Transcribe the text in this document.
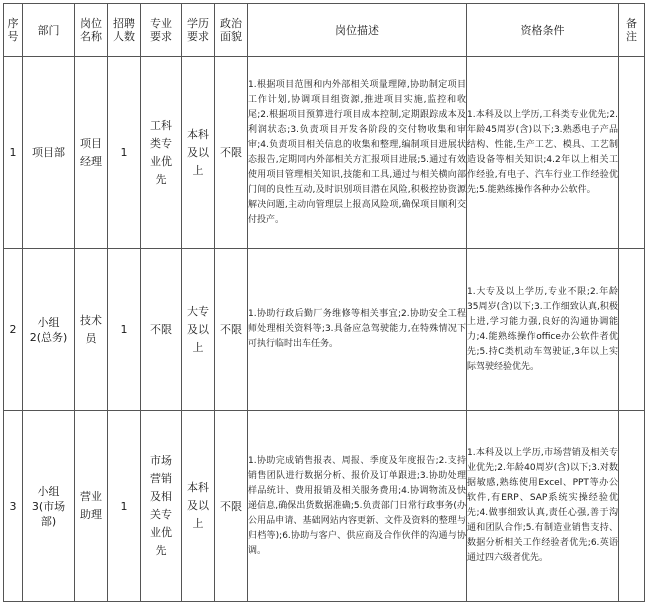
序号	部门	岗位名称	招聘人数	专业要求	学历要求	政治面貌	岗位描述	资格条件	备注

1	项目部	项目经理	1	工科类专业优先	本科及以上	不限	1.根据项目范围和内外部相关项量理障,协助制定项目工作计划,协调项目组资源,推进项目实施,监控和收尾;2.根据项目预算进行项目成本控制,定期跟踪成本及利润状态;3.负责项目开发各阶段的交付物收集和审审;4.负责项目相关信息的收集和整理,编制项目进展状态报告,定期同内外部相关方汇报项目进展;5.通过有效使用项目管理相关知识,技能和工具,通过与相关横向部门间的良性互动,及时识别项目潜在风险,积极控协资源解决问题,主动向管理层上报高风险项,确保项目顺利交付投产。	1.本科及以上学历,工科类专业优先;2.年龄45周岁(含)以下;3.熟悉电子产品结构、性能,生产工艺、模具、工艺制造设备等相关知识;4.2年以上相关工作经验,有电子、汽车行业工作经验优先;5.能熟练操作各种办公软件。	

2	小组2(总务)	技术员	1	不限	大专及以上	不限	1.协助行政后勤厂务维修等相关事宜;2.协助安全工程师处理相关资料等;3.具备应急驾驶能力,在特殊情况下可执行临时出车任务。	1.大专及以上学历,专业不限;2.年龄35周岁(含)以下;3.工作细致认真,积极上进,学习能力强,良好的沟通协调能力;4.能熟练操作office办公软件者优先;5.持C类机动车驾驶证,3年以上实际驾驶经验优先。	

3	小组3(市场部)	营业助理	1	市场营销及相关专业优先	本科及以上	不限	1.协助完成销售报表、周报、季度及年度报告;2.支持销售团队进行数据分析、报价及订单跟进;3.协助处理样品统计、费用报销及相关服务费用;4.协调物流及快递信息,确保出货数据准确;5.负责部门日常行政事务(办公用品申请、基础网站内容更新、文件及资料的整理与归档等);6.协助与客户、供应商及合作伙伴的沟通与协调。	1.本科及以上学历,市场营销及相关专业优先;2.年龄40周岁(含)以下;3.对数据敏感,熟练使用Excel、PPT等办公软件,有ERP、SAP系统实操经验优先;4.做事细致认真,责任心强,善于沟通和团队合作;5.有制造业销售支持、数据分析相关工作经验者优先;6.英语通过四六级者优先。	
